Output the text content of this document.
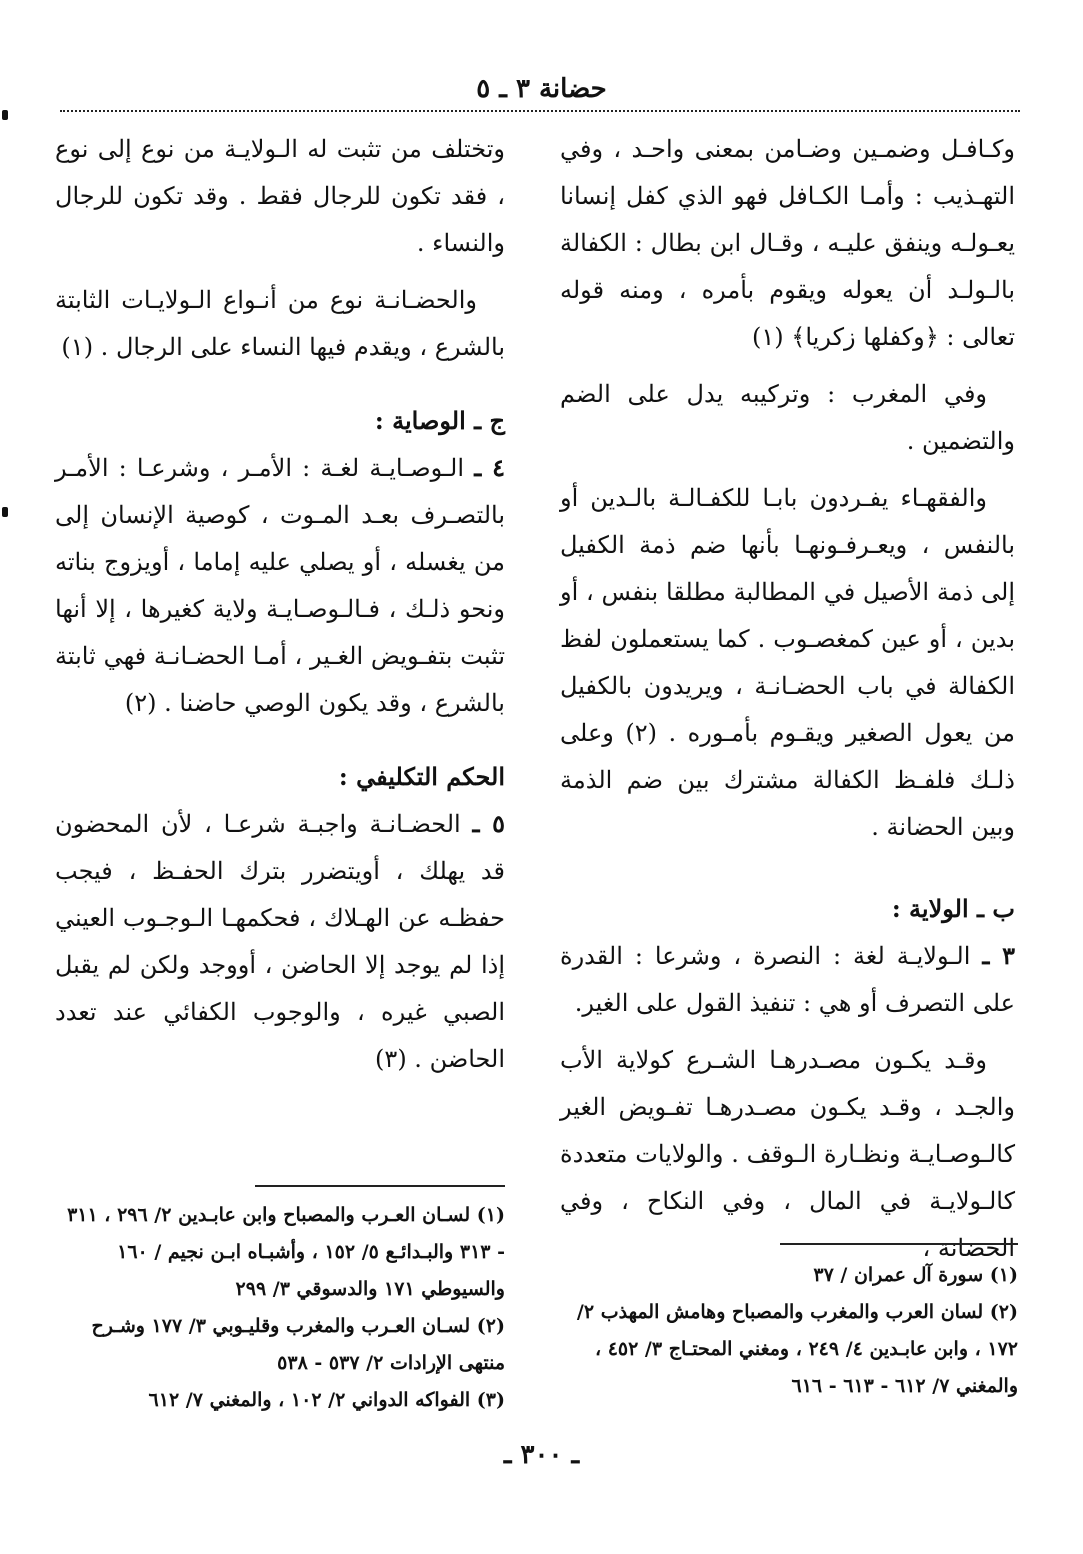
حضانة ٣ ـ ٥

وكـافـل وضمـين وضـامن بمعنى واحـد ، وفي التهـذيب : وأمـا الكـافل فهو الذي كفل إنسانا يعـولـه وينفق عليـه ، وقـال ابن بطال : الكفالة بالـولـد أن يعوله ويقوم بأمره ، ومنه قوله تعالى : ﴿وكفلها زكريا﴾ (١)

وفي المغرب : وتركيبه يدل على الضم والتضمين .

والفقهـاء يفـردون بابـا للكفـالـة بالـدين أو بالنفس ، ويعـرفـونهـا بأنها ضم ذمة الكفيل إلى ذمة الأصيل في المطالبة مطلقا بنفس ، أو بدين ، أو عين كمغصـوب . كما يستعملون لفظ الكفالة في باب الحضـانـة ، ويريدون بالكفيل من يعول الصغير ويقـوم بأمـوره . (٢) وعلى ذلـك فلفـظ الكفالة مشترك بين ضم الذمة وبين الحضانة .

ب ـ الولاية :

٣ ـ الـولايـة لغة : النصرة ، وشرعا : القدرة على التصرف أو هي : تنفيذ القول على الغير.

وقـد يكـون مصـدرهـا الشـرع كولاية الأب والجـد ، وقـد يكـون مصـدرهـا تفـويض الغير كالـوصـايـة ونظـارة الـوقف . والولايات متعددة كالـولايـة في المال ، وفي النكاح ، وفي الحضانة ،

وتختلف من تثبت له الـولايـة من نوع إلى نوع ، فقد تكون للرجال فقط . وقد تكون للرجال والنساء .

والحضـانـة نوع من أنـواع الـولايـات الثابتة بالشرع ، ويقدم فيها النساء على الرجال . (١)

ج ـ الوصاية :

٤ ـ الـوصـايـة لغـة : الأمـر ، وشرعـا : الأمـر بالتصـرف بعـد المـوت ، كوصية الإنسان إلى من يغسله ، أو يصلي عليه إماما ، أويزوج بناته ونحو ذلـك ، فـالـوصـايـة ولاية كغيرها ، إلا أنها تثبت بتفـويض الغـير ، أمـا الحضـانـة فهي ثابتة بالشرع ، وقد يكون الوصي حاضنا . (٢)

الحكم التكليفي :

٥ ـ الحضـانـة واجبـة شرعـا ، لأن المحضون قد يهلك ، أويتضرر بترك الحفـظ ، فيجب حفظـه عن الهـلاك ، فحكمهـا الـوجـوب العيني إذا لم يوجد إلا الحاضن ، أووجد ولكن لم يقبل الصبي غيره ، والوجوب الكفائي عند تعدد الحاضن . (٣)

(١) سورة آل عمران / ٣٧

(٢) لسان العرب والمغرب والمصباح وهامش المهذب ٢/ ١٧٢ ، وابن عابـدين ٤/ ٢٤٩ ، ومغني المحتـاج ٣/ ٤٥٢ ، والمغني ٧/ ٦١٢ - ٦١٣ - ٦١٦

(١) لسـان العـرب والمصباح وابن عابـدين ٢/ ٢٩٦ ، ٣١١ - ٣١٣ والبـدائـع ٥/ ١٥٢ ، وأشبـاه ابـن نجيم / ١٦٠ والسيوطي ١٧١ والدسوقي ٣/ ٢٩٩

(٢) لسـان العـرب والمغرب وقليـوبي ٣/ ١٧٧ وشـرح منتهى الإرادات ٢/ ٥٣٧ - ٥٣٨

(٣) الفواكه الدواني ٢/ ١٠٢ ، والمغني ٧/ ٦١٢

ـ ٣٠٠ ـ
